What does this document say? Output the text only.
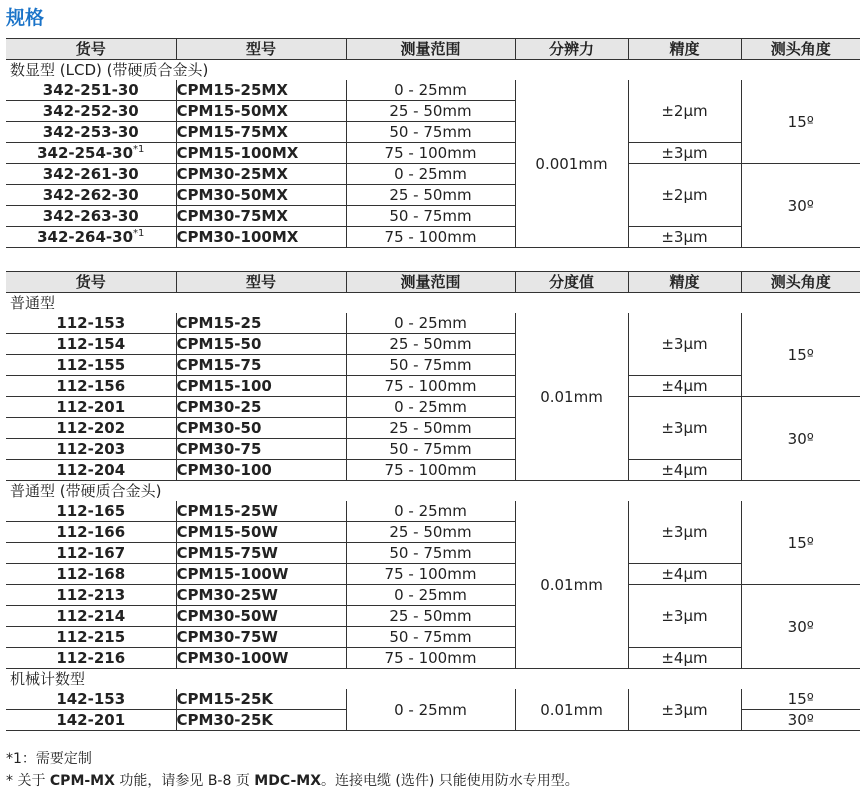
规格
货号	型号	测量范围	分辨力	精度	测头角度
数显型 (LCD) (带硬质合金头)					
342-251-30	CPM15-25MX	0 - 25mm	0.001mm	±2μm	15º
342-252-30	CPM15-50MX	25 - 50mm			
342-253-30	CPM15-75MX	50 - 75mm			
342-254-30$^{*1}$	CPM15-100MX	75 - 100mm		±3μm	
342-261-30	CPM30-25MX	0 - 25mm		±2μm	30º
342-262-30	CPM30-50MX	25 - 50mm			
342-263-30	CPM30-75MX	50 - 75mm			
342-264-30$^{*1}$	CPM30-100MX	75 - 100mm		±3μm	
货号	型号	测量范围	分度值	精度	测头角度
普通型					
112-153	CPM15-25	0 - 25mm	0.01mm	±3μm	15º
112-154	CPM15-50	25 - 50mm			
112-155	CPM15-75	50 - 75mm			
112-156	CPM15-100	75 - 100mm		±4μm	
112-201	CPM30-25	0 - 25mm		±3μm	30º
112-202	CPM30-50	25 - 50mm			
112-203	CPM30-75	50 - 75mm			
112-204	CPM30-100	75 - 100mm		±4μm	
普通型 (带硬质合金头)					
112-165	CPM15-25W	0 - 25mm	0.01mm	±3μm	15º
112-166	CPM15-50W	25 - 50mm			
112-167	CPM15-75W	50 - 75mm			
112-168	CPM15-100W	75 - 100mm		±4μm	
112-213	CPM30-25W	0 - 25mm		±3μm	30º
112-214	CPM30-50W	25 - 50mm			
112-215	CPM30-75W	50 - 75mm			
112-216	CPM30-100W	75 - 100mm		±4μm	
机械计数型					
142-153	CPM15-25K	0 - 25mm	0.01mm	±3μm	15º
142-201	CPM30-25K				30º
*1：需要定制
* 关于 CPM-MX 功能，请参见 B-8 页 MDC-MX。连接电缆 (选件) 只能使用防水专用型。
